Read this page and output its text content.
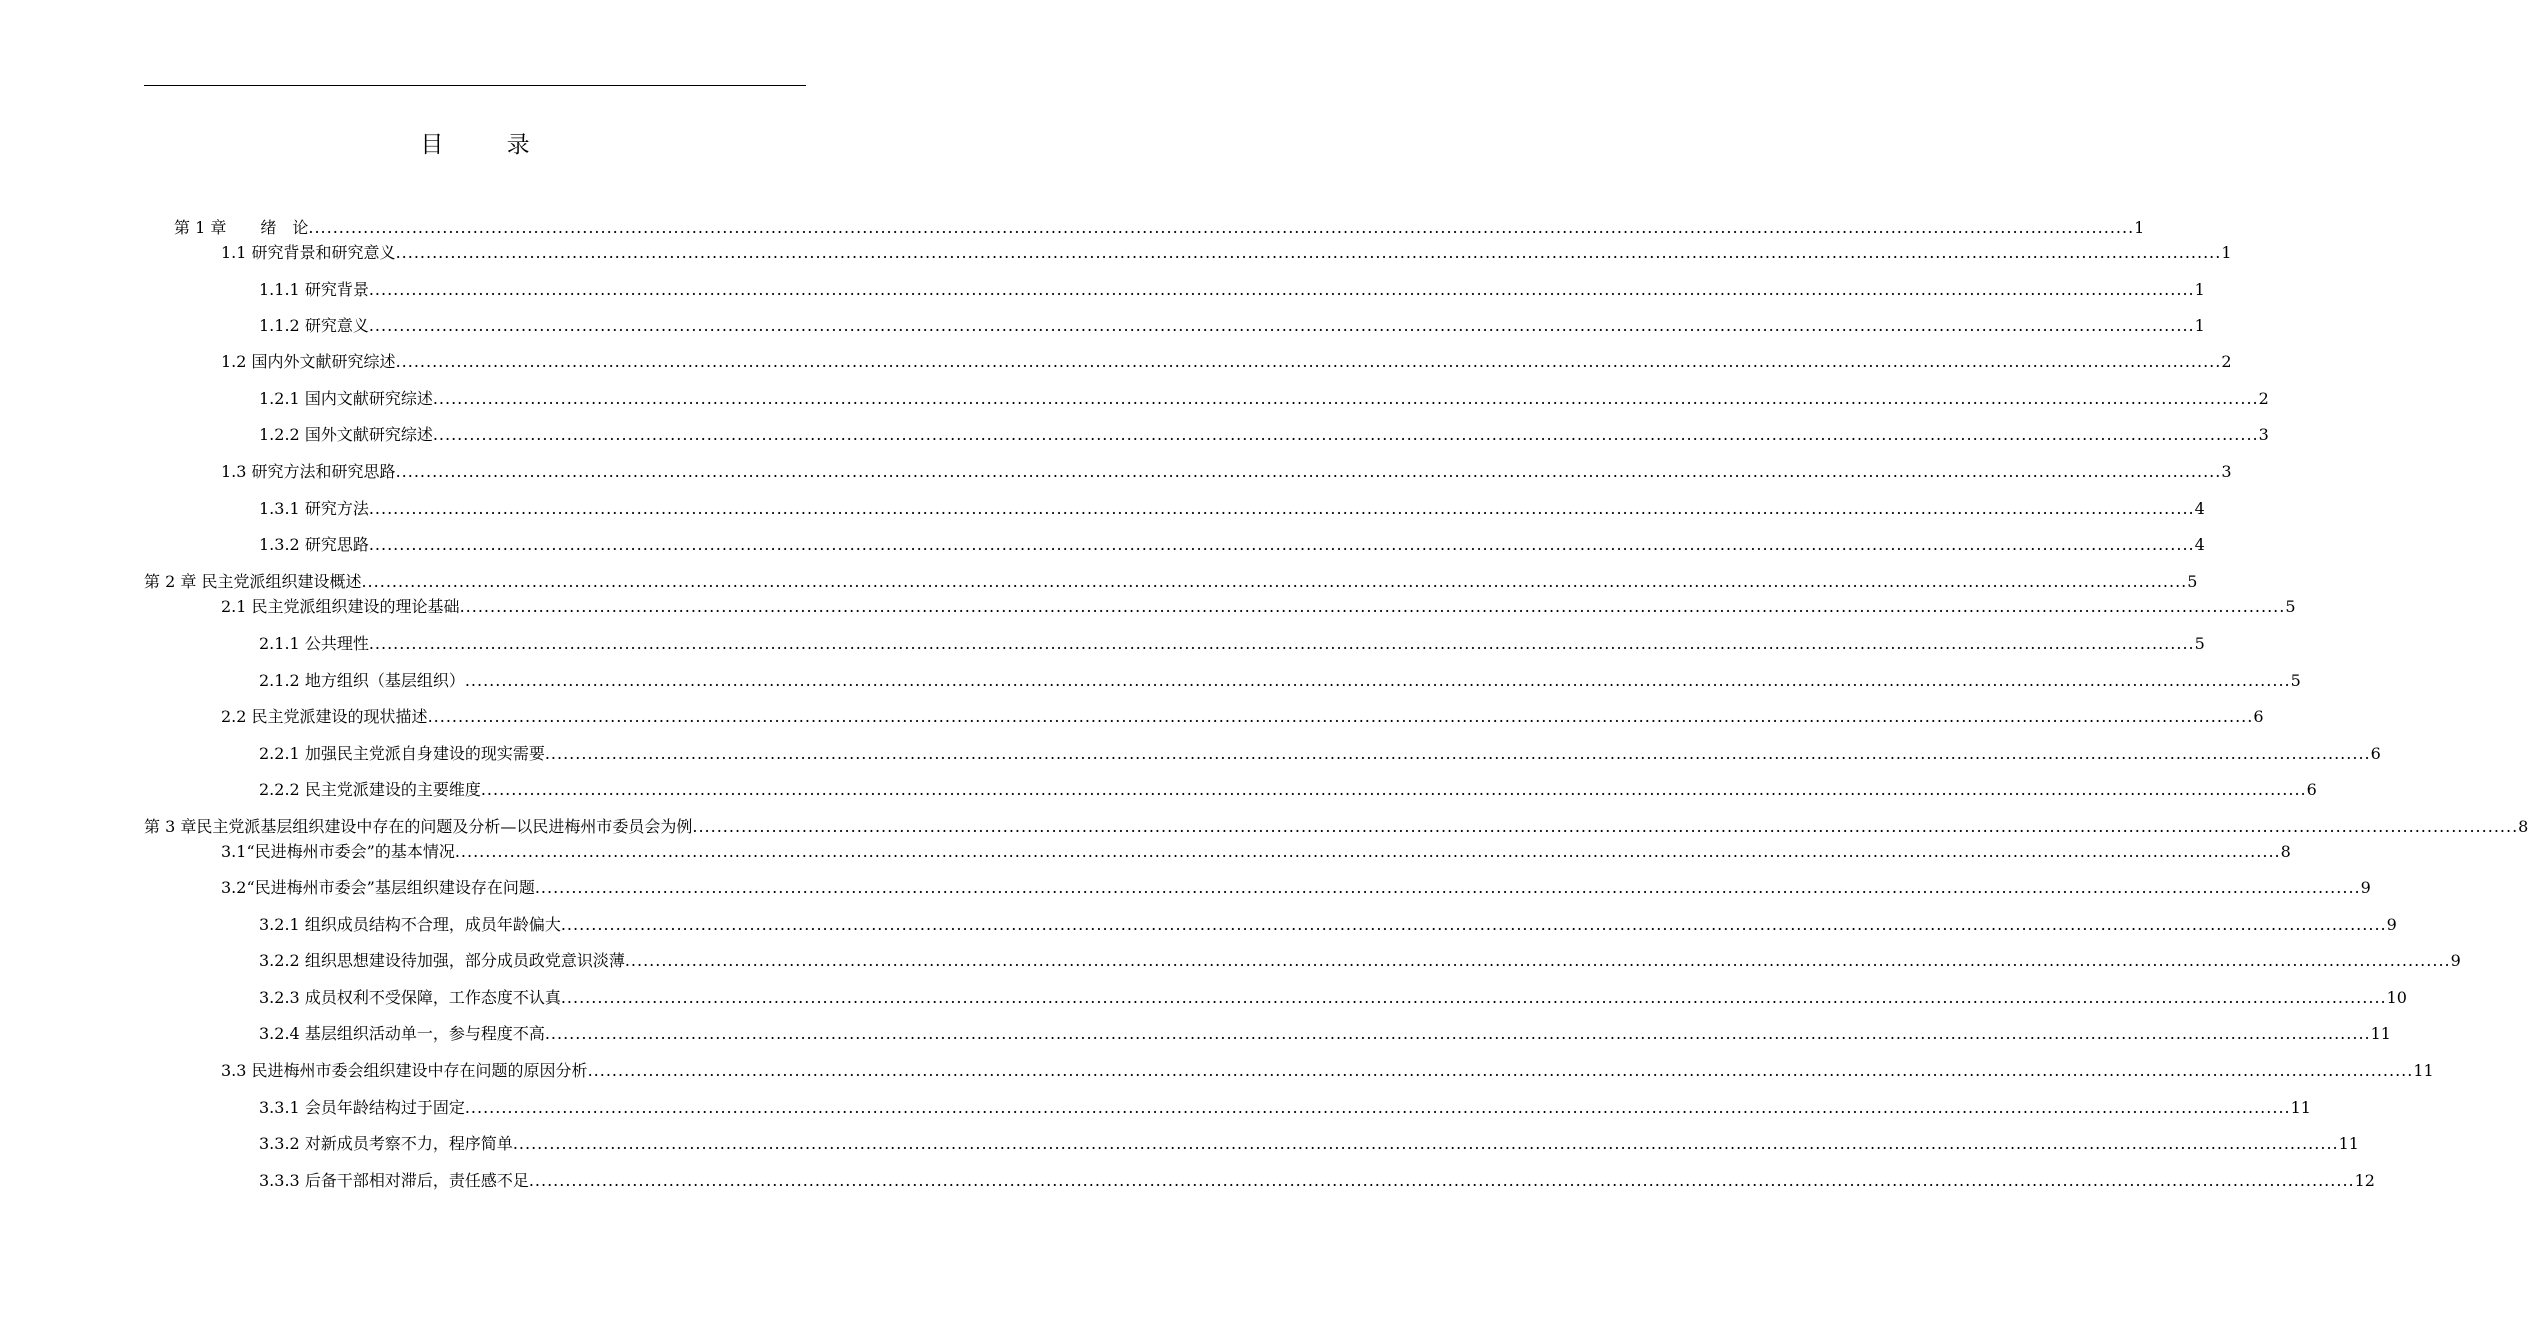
目 录
第 1 章 绪　论 ............................................................................................................................................................................................................................................................................................................ 1
1.1 研究背景和研究意义 ............................................................................................................................................................................................................................................................................................................ 1
1.1.1 研究背景 ............................................................................................................................................................................................................................................................................................................ 1
1.1.2 研究意义 ............................................................................................................................................................................................................................................................................................................ 1
1.2 国内外文献研究综述 ............................................................................................................................................................................................................................................................................................................ 2
1.2.1 国内文献研究综述 ............................................................................................................................................................................................................................................................................................................ 2
1.2.2 国外文献研究综述 ............................................................................................................................................................................................................................................................................................................ 3
1.3 研究方法和研究思路 ............................................................................................................................................................................................................................................................................................................ 3
1.3.1 研究方法 ............................................................................................................................................................................................................................................................................................................ 4
1.3.2 研究思路 ............................................................................................................................................................................................................................................................................................................ 4
第 2 章 民主党派组织建设概述 ............................................................................................................................................................................................................................................................................................................ 5
2.1 民主党派组织建设的理论基础 ............................................................................................................................................................................................................................................................................................................ 5
2.1.1 公共理性 ............................................................................................................................................................................................................................................................................................................ 5
2.1.2 地方组织（基层组织） ............................................................................................................................................................................................................................................................................................................ 5
2.2 民主党派建设的现状描述 ............................................................................................................................................................................................................................................................................................................ 6
2.2.1 加强民主党派自身建设的现实需要 ............................................................................................................................................................................................................................................................................................................ 6
2.2.2 民主党派建设的主要维度 ............................................................................................................................................................................................................................................................................................................ 6
第 3 章民主党派基层组织建设中存在的问题及分析—以民进梅州市委员会为例 ............................................................................................................................................................................................................................................................................................................ 8
3.1“民进梅州市委会”的基本情况 ............................................................................................................................................................................................................................................................................................................ 8
3.2“民进梅州市委会”基层组织建设存在问题 ............................................................................................................................................................................................................................................................................................................ 9
3.2.1 组织成员结构不合理，成员年龄偏大 ............................................................................................................................................................................................................................................................................................................ 9
3.2.2 组织思想建设待加强，部分成员政党意识淡薄 ............................................................................................................................................................................................................................................................................................................ 9
3.2.3 成员权利不受保障，工作态度不认真 ............................................................................................................................................................................................................................................................................................................ 10
3.2.4 基层组织活动单一，参与程度不高 ............................................................................................................................................................................................................................................................................................................ 11
3.3 民进梅州市委会组织建设中存在问题的原因分析 ............................................................................................................................................................................................................................................................................................................ 11
3.3.1 会员年龄结构过于固定 ............................................................................................................................................................................................................................................................................................................ 11
3.3.2 对新成员考察不力，程序简单 ............................................................................................................................................................................................................................................................................................................ 11
3.3.3 后备干部相对滞后，责任感不足 ............................................................................................................................................................................................................................................................................................................ 12
